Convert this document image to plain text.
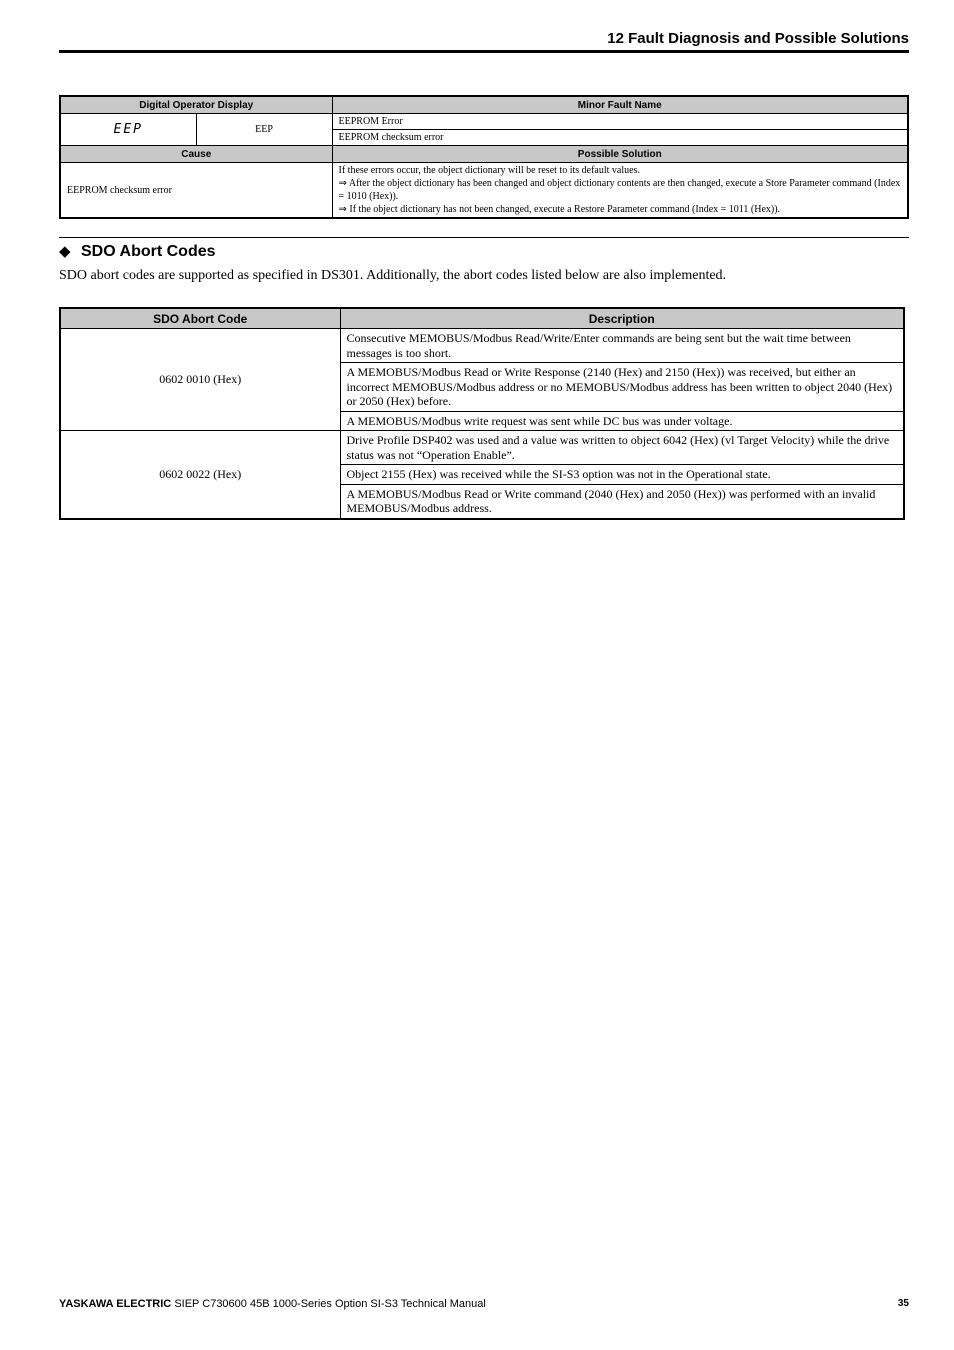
12 Fault Diagnosis and Possible Solutions
Digital Operator Display		Minor Fault Name
EEP	EEP	EEPROM Error
		EEPROM checksum error
Cause		Possible Solution
EEPROM checksum error		If these errors occur, the object dictionary will be reset to its default values.
⇒ After the object dictionary has been changed and object dictionary contents are then changed, execute a Store Parameter command (Index = 1010 (Hex)).
⇒ If the object dictionary has not been changed, execute a Restore Parameter command (Index = 1011 (Hex)).
◆ SDO Abort Codes
SDO abort codes are supported as specified in DS301. Additionally, the abort codes listed below are also implemented.
SDO Abort Code	Description
0602 0010 (Hex)	Consecutive MEMOBUS/Modbus Read/Write/Enter commands are being sent but the wait time between messages is too short.
	A MEMOBUS/Modbus Read or Write Response (2140 (Hex) and 2150 (Hex)) was received, but either an incorrect MEMOBUS/Modbus address or no MEMOBUS/Modbus address has been written to object 2040 (Hex) or 2050 (Hex) before.
	A MEMOBUS/Modbus write request was sent while DC bus was under voltage.
0602 0022 (Hex)	Drive Profile DSP402 was used and a value was written to object 6042 (Hex) (vl Target Velocity) while the drive status was not “Operation Enable”.
	Object 2155 (Hex) was received while the SI-S3 option was not in the Operational state.
	A MEMOBUS/Modbus Read or Write command (2040 (Hex) and 2050 (Hex)) was performed with an invalid MEMOBUS/Modbus address.
YASKAWA ELECTRIC SIEP C730600 45B 1000-Series Option SI-S3 Technical Manual	35
